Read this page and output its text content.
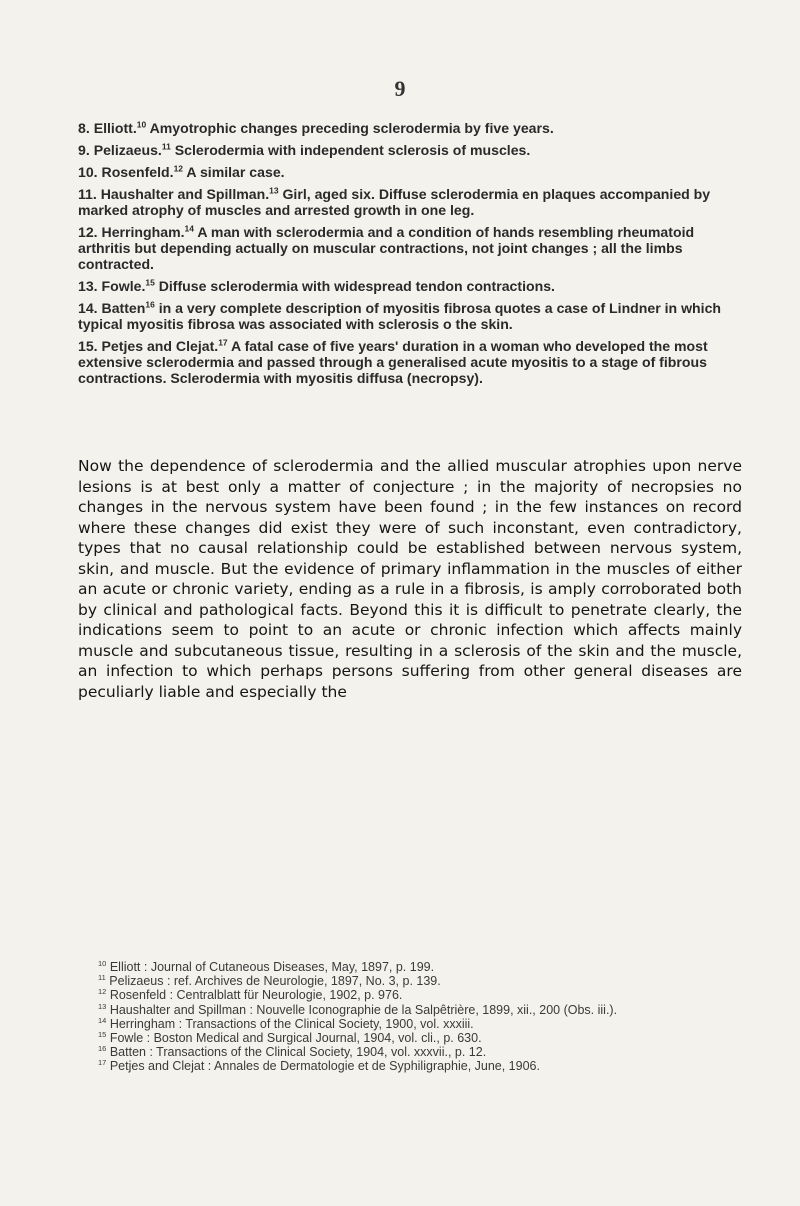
9

8. Elliott.$^{10}$ Amyotrophic changes preceding sclerodermia by five years.

9. Pelizaeus.$^{11}$ Sclerodermia with independent sclerosis of muscles.

10. Rosenfeld.$^{12}$ A similar case.

11. Haushalter and Spillman.$^{13}$ Girl, aged six. Diffuse sclerodermia en plaques accompanied by marked atrophy of muscles and arrested growth in one leg.

12. Herringham.$^{14}$ A man with sclerodermia and a condition of hands resembling rheumatoid arthritis but depending actually on muscular contractions, not joint changes ; all the limbs contracted.

13. Fowle.$^{15}$ Diffuse sclerodermia with widespread tendon contractions.

14. Batten$^{16}$ in a very complete description of myositis fibrosa quotes a case of Lindner in which typical myositis fibrosa was associated with sclerosis o the skin.

15. Petjes and Clejat.$^{17}$ A fatal case of five years' duration in a woman who developed the most extensive sclerodermia and passed through a generalised acute myositis to a stage of fibrous contractions. Sclerodermia with myositis diffusa (necropsy).

Now the dependence of sclerodermia and the allied muscular atrophies upon nerve lesions is at best only a matter of conjecture ; in the majority of necropsies no changes in the nervous system have been found ; in the few instances on record where these changes did exist they were of such inconstant, even contradictory, types that no causal relationship could be established between nervous system, skin, and muscle. But the evidence of primary inflammation in the muscles of either an acute or chronic variety, ending as a rule in a fibrosis, is amply corroborated both by clinical and pathological facts. Beyond this it is difficult to penetrate clearly, the indications seem to point to an acute or chronic infection which affects mainly muscle and subcutaneous tissue, resulting in a sclerosis of the skin and the muscle, an infection to which perhaps persons suffering from other general diseases are peculiarly liable and especially the

$^{10}$ Elliott : Journal of Cutaneous Diseases, May, 1897, p. 199.

$^{11}$ Pelizaeus : ref. Archives de Neurologie, 1897, No. 3, p. 139.

$^{12}$ Rosenfeld : Centralblatt für Neurologie, 1902, p. 976.

$^{13}$ Haushalter and Spillman : Nouvelle Iconographie de la Salpêtrière, 1899, xii., 200 (Obs. iii.).

$^{14}$ Herringham : Transactions of the Clinical Society, 1900, vol. xxxiii.

$^{15}$ Fowle : Boston Medical and Surgical Journal, 1904, vol. cli., p. 630.

$^{16}$ Batten : Transactions of the Clinical Society, 1904, vol. xxxvii., p. 12.

$^{17}$ Petjes and Clejat : Annales de Dermatologie et de Syphiligraphie, June, 1906.
